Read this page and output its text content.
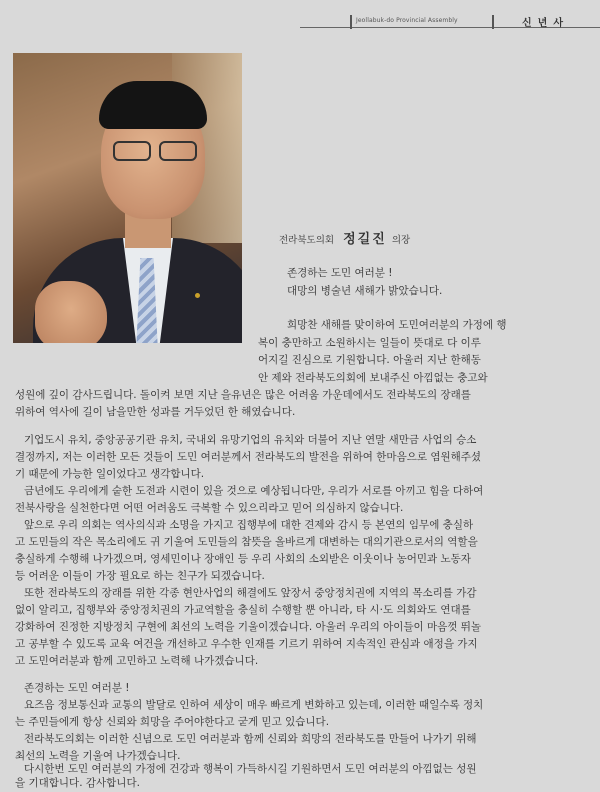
Jeollabuk-do Provincial Assembly	신년사
전라북도의회 정길진 의장
존경하는 도민 여러분 !
대망의 병술년 새해가 밝았습니다.
희망찬 새해를 맞이하여 도민여러분의 가정에 행
복이 충만하고 소원하시는 일들이 뜻대로 다 이루
어지길 진심으로 기원합니다. 아울러 지난 한해동
안 제와 전라북도의회에 보내주신 아낌없는 충고와
성원에 깊이 감사드립니다. 돌이켜 보면 지난 을유년은 많은 어려움 가운데에서도 전라북도의 장래를
위하여 역사에 길이 남을만한 성과를 거두었던 한 해였습니다.
기업도시 유치, 중앙공공기관 유치, 국내외 유망기업의 유치와 더불어 지난 연말 새만금 사업의 승소
결정까지, 저는 이러한 모든 것들이 도민 여러분께서 전라북도의 발전을 위하여 한마음으로 염원해주셨
기 때문에 가능한 일이었다고 생각합니다.
금년에도 우리에게 숱한 도전과 시련이 있을 것으로 예상됩니다만, 우리가 서로를 아끼고 힘을 다하여
전북사랑을 실천한다면 어떤 어려움도 극복할 수 있으리라고 믿어 의심하지 않습니다.
앞으로 우리 의회는 역사의식과 소명을 가지고 집행부에 대한 견제와 감시 등 본연의 임무에 충실하
고 도민들의 작은 목소리에도 귀 기울여 도민들의 참뜻을 올바르게 대변하는 대의기관으로서의 역할을
충실하게 수행해 나가겠으며, 영세민이나 장애인 등 우리 사회의 소외받은 이웃이나 농어민과 노동자
등 어려운 이들이 가장 필요로 하는 친구가 되겠습니다.
또한 전라북도의 장래를 위한 각종 현안사업의 해결에도 앞장서 중앙정치권에 지역의 목소리를 가감
없이 알리고, 집행부와 중앙정치권의 가교역할을 충실히 수행할 뿐 아니라, 타 시·도 의회와도 연대를
강화하여 진정한 지방정치 구현에 최선의 노력을 기울이겠습니다. 아울러 우리의 아이들이 마음껏 뛰놀
고 공부할 수 있도록 교육 여건을 개선하고 우수한 인재를 기르기 위하여 지속적인 관심과 애정을 가지
고 도민여러분과 함께 고민하고 노력해 나가겠습니다.
존경하는 도민 여러분 !
요즈음 정보통신과 교통의 발달로 인하여 세상이 매우 빠르게 변화하고 있는데, 이러한 때일수록 정치
는 주민들에게 항상 신뢰와 희망을 주어야한다고 굳게 믿고 있습니다.
전라북도의회는 이러한 신념으로 도민 여러분과 함께 신뢰와 희망의 전라북도를 만들어 나가기 위해
최선의 노력을 기울여 나가겠습니다.
다시한번 도민 여러분의 가정에 건강과 행복이 가득하시길 기원하면서 도민 여러분의 아낌없는 성원
을 기대합니다. 감사합니다.
